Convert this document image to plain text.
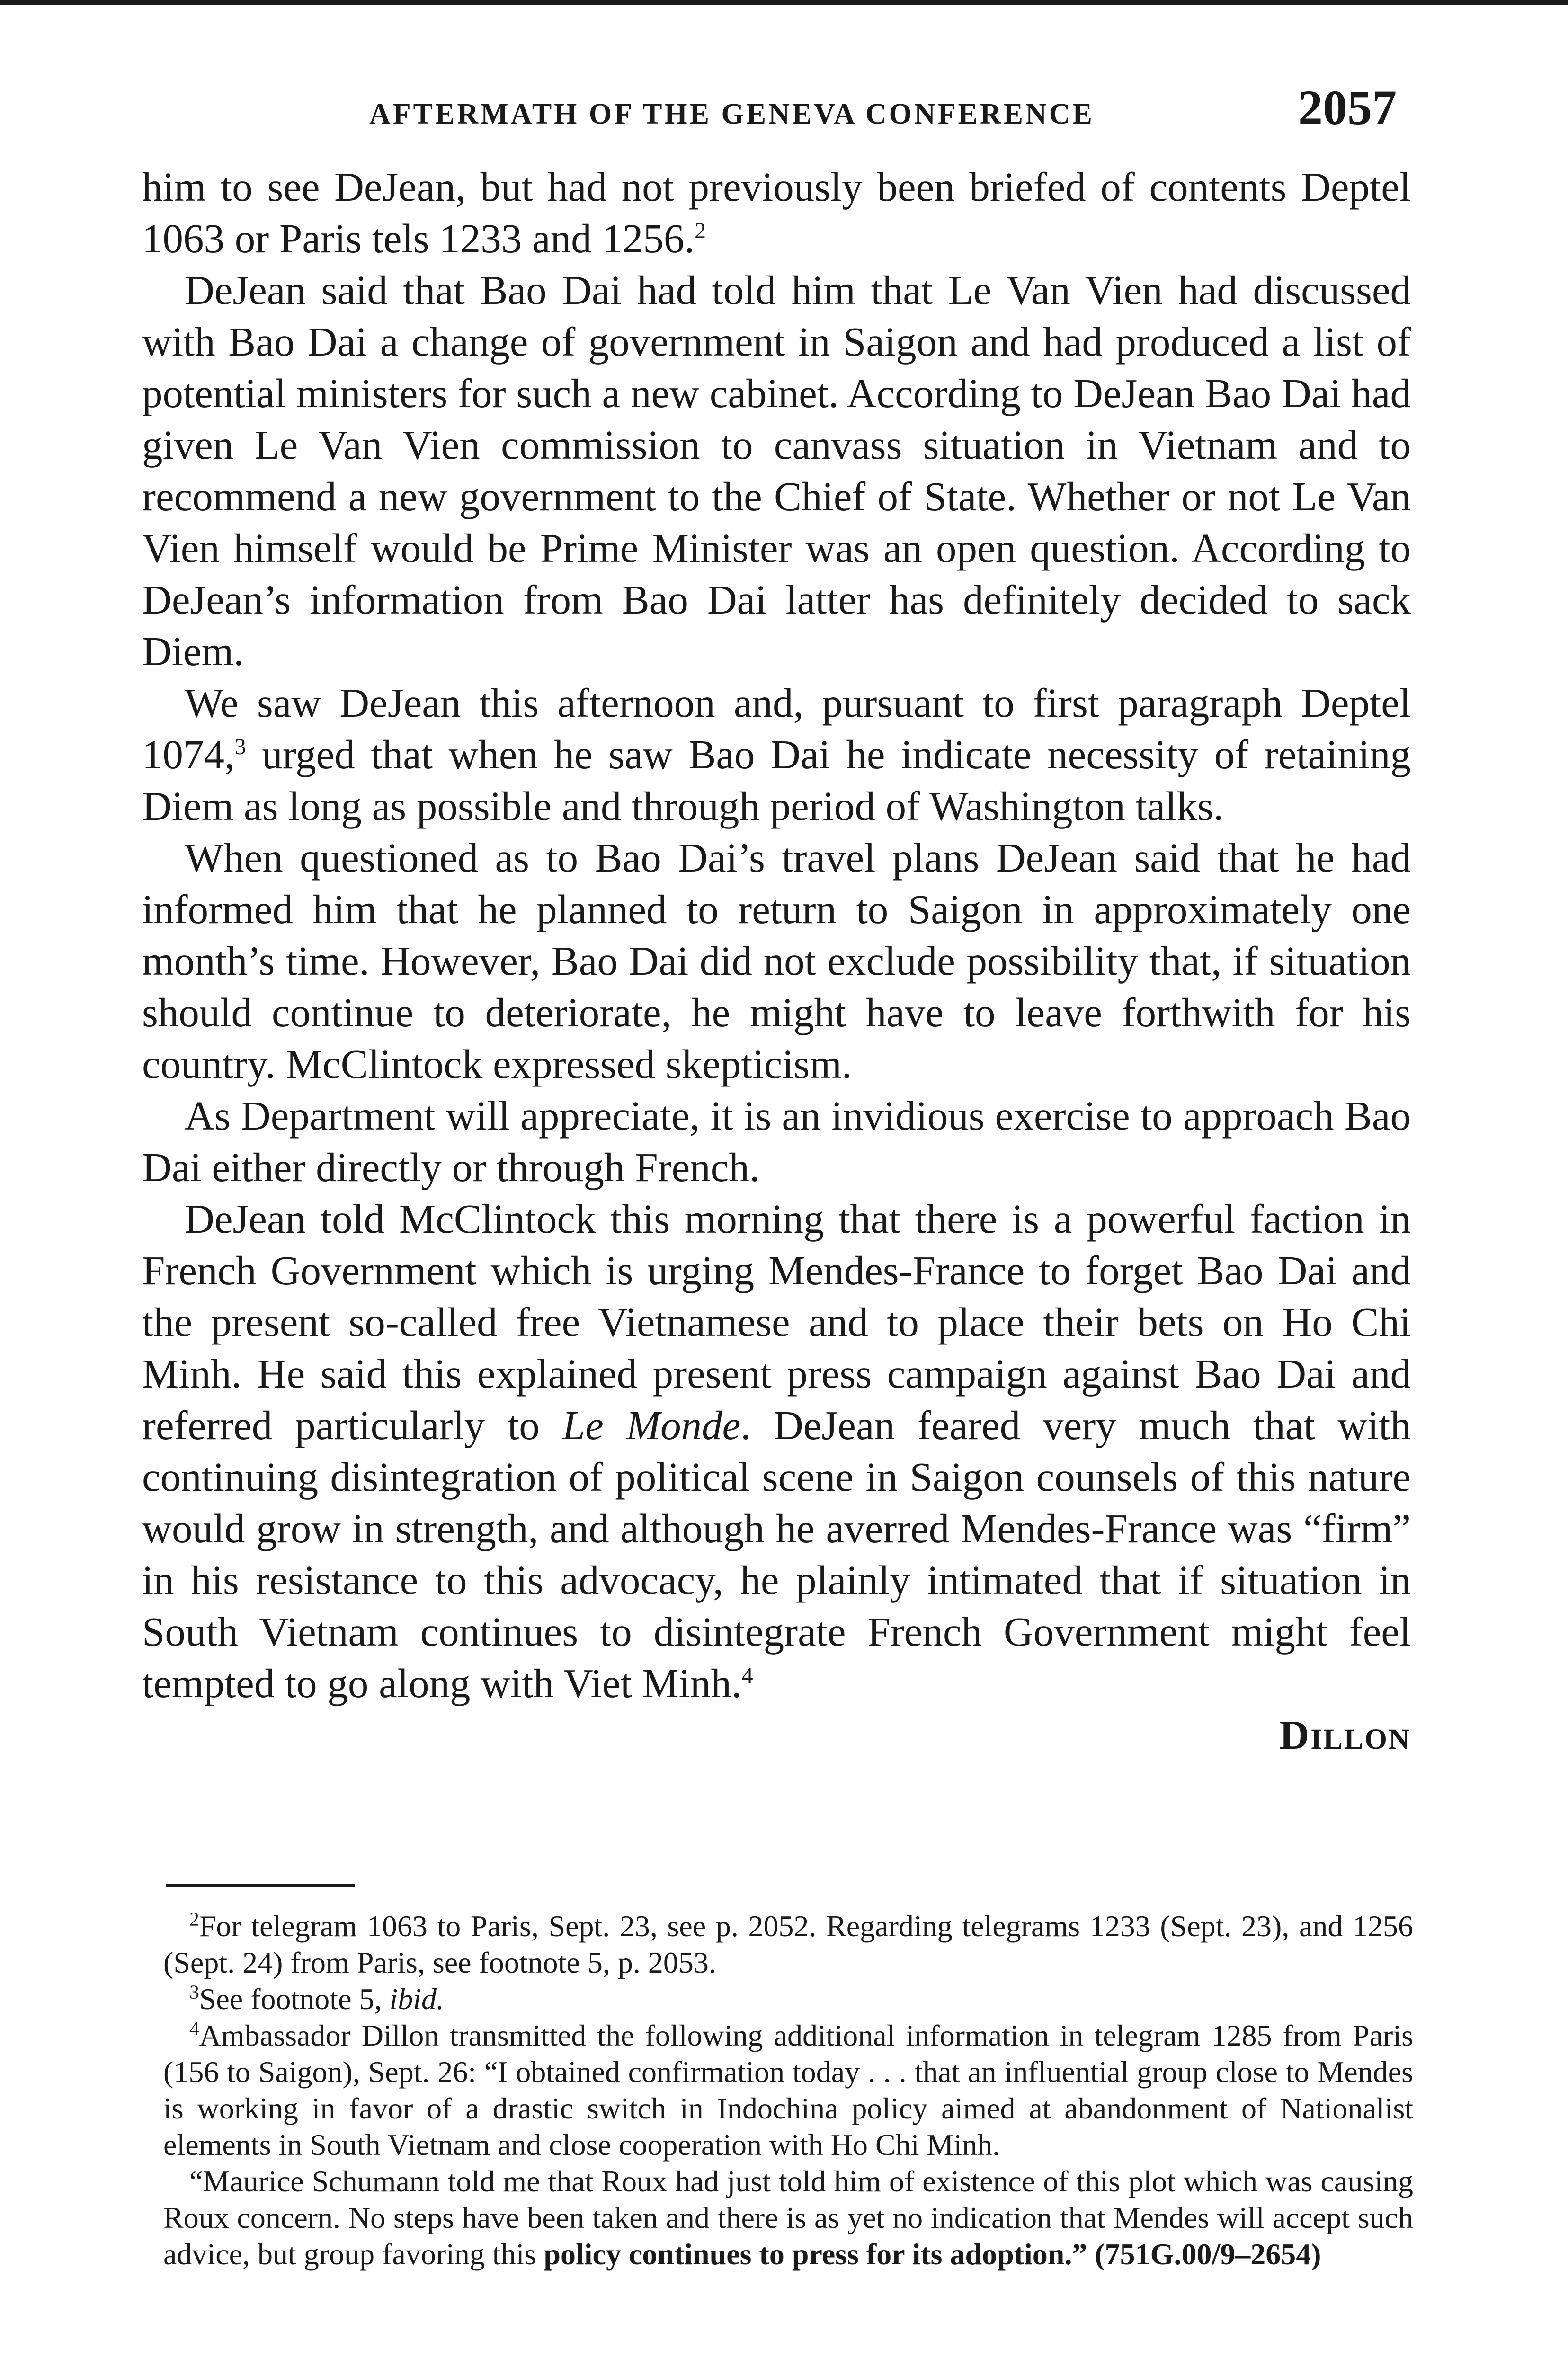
AFTERMATH OF THE GENEVA CONFERENCE	2057

him to see DeJean, but had not previously been briefed of contents Deptel 1063 or Paris tels 1233 and 1256.$^2$

DeJean said that Bao Dai had told him that Le Van Vien had discussed with Bao Dai a change of government in Saigon and had produced a list of potential ministers for such a new cabinet. According to DeJean Bao Dai had given Le Van Vien commission to canvass situation in Vietnam and to recommend a new government to the Chief of State. Whether or not Le Van Vien himself would be Prime Minister was an open question. According to DeJean’s information from Bao Dai latter has definitely decided to sack Diem.

We saw DeJean this afternoon and, pursuant to first paragraph Deptel 1074,$^3$ urged that when he saw Bao Dai he indicate necessity of retaining Diem as long as possible and through period of Washington talks.

When questioned as to Bao Dai’s travel plans DeJean said that he had informed him that he planned to return to Saigon in approximately one month’s time. However, Bao Dai did not exclude possibility that, if situation should continue to deteriorate, he might have to leave forthwith for his country. McClintock expressed skepticism.

As Department will appreciate, it is an invidious exercise to approach Bao Dai either directly or through French.

DeJean told McClintock this morning that there is a powerful faction in French Government which is urging Mendes-France to forget Bao Dai and the present so-called free Vietnamese and to place their bets on Ho Chi Minh. He said this explained present press campaign against Bao Dai and referred particularly to Le Monde. DeJean feared very much that with continuing disintegration of political scene in Saigon counsels of this nature would grow in strength, and although he averred Mendes-France was “firm” in his resistance to this advocacy, he plainly intimated that if situation in South Vietnam continues to disintegrate French Government might feel tempted to go along with Viet Minh.$^4$

Dillon

$^2$For telegram 1063 to Paris, Sept. 23, see p. 2052. Regarding telegrams 1233 (Sept. 23), and 1256 (Sept. 24) from Paris, see footnote 5, p. 2053.

$^3$See footnote 5, ibid.

$^4$Ambassador Dillon transmitted the following additional information in telegram 1285 from Paris (156 to Saigon), Sept. 26: “I obtained confirmation today . . . that an influential group close to Mendes is working in favor of a drastic switch in Indochina policy aimed at abandonment of Nationalist elements in South Vietnam and close cooperation with Ho Chi Minh.

“Maurice Schumann told me that Roux had just told him of existence of this plot which was causing Roux concern. No steps have been taken and there is as yet no indication that Mendes will accept such advice, but group favoring this policy continues to press for its adoption.” (751G.00/9–2654)
